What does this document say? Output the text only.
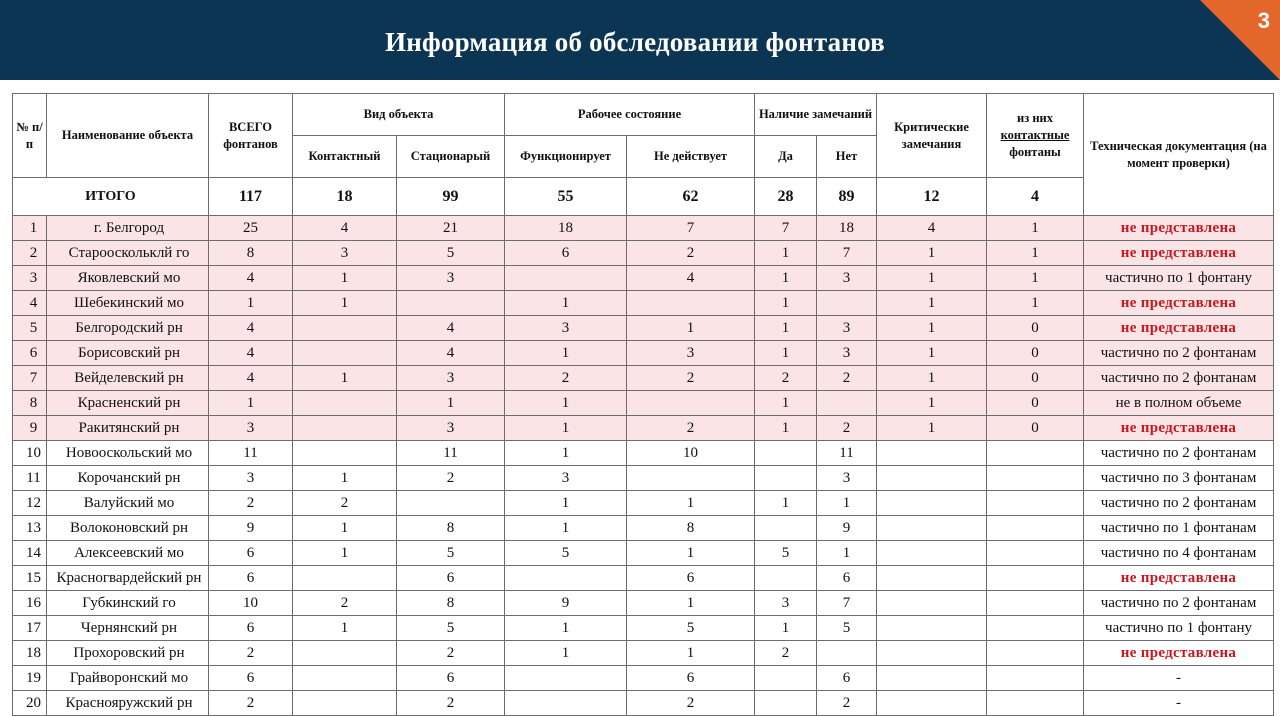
Информация об обследовании фонтанов
3
№ п/п	Наименование объекта	ВСЕГО фонтанов	Вид объекта		Рабочее состояние		Наличие замечаний		Критические замечания	из них
контактные
фонтаны	Техническая документация (на момент проверки)
			Контактный	Стационарый	Функционирует	Не действует	Да	Нет			
ИТОГО		117	18	99	55	62	28	89	12	4	
1	г. Белгород	25	4	21	18	7	7	18	4	1	не представлена
2	Старооскольклй го	8	3	5	6	2	1	7	1	1	не представлена
3	Яковлевский мо	4	1	3		4	1	3	1	1	частично по 1 фонтану
4	Шебекинский мо	1	1		1		1		1	1	не представлена
5	Белгородский рн	4		4	3	1	1	3	1	0	не представлена
6	Борисовский рн	4		4	1	3	1	3	1	0	частично по 2 фонтанам
7	Вейделевский рн	4	1	3	2	2	2	2	1	0	частично по 2 фонтанам
8	Красненский рн	1		1	1		1		1	0	не в полном объеме
9	Ракитянский рн	3		3	1	2	1	2	1	0	не представлена
10	Новооскольский мо	11		11	1	10		11			частично по 2 фонтанам
11	Корочанский рн	3	1	2	3			3			частично по 3 фонтанам
12	Валуйский мо	2	2		1	1	1	1			частично по 2 фонтанам
13	Волоконовский рн	9	1	8	1	8		9			частично по 1 фонтанам
14	Алексеевский мо	6	1	5	5	1	5	1			частично по 4 фонтанам
15	Красногвардейский рн	6		6		6		6			не представлена
16	Губкинский го	10	2	8	9	1	3	7			частично по 2 фонтанам
17	Чернянский рн	6	1	5	1	5	1	5			частично по 1 фонтану
18	Прохоровский рн	2		2	1	1	2				не представлена
19	Грайворонский мо	6		6		6		6			-
20	Краснояружский рн	2		2		2		2			-
